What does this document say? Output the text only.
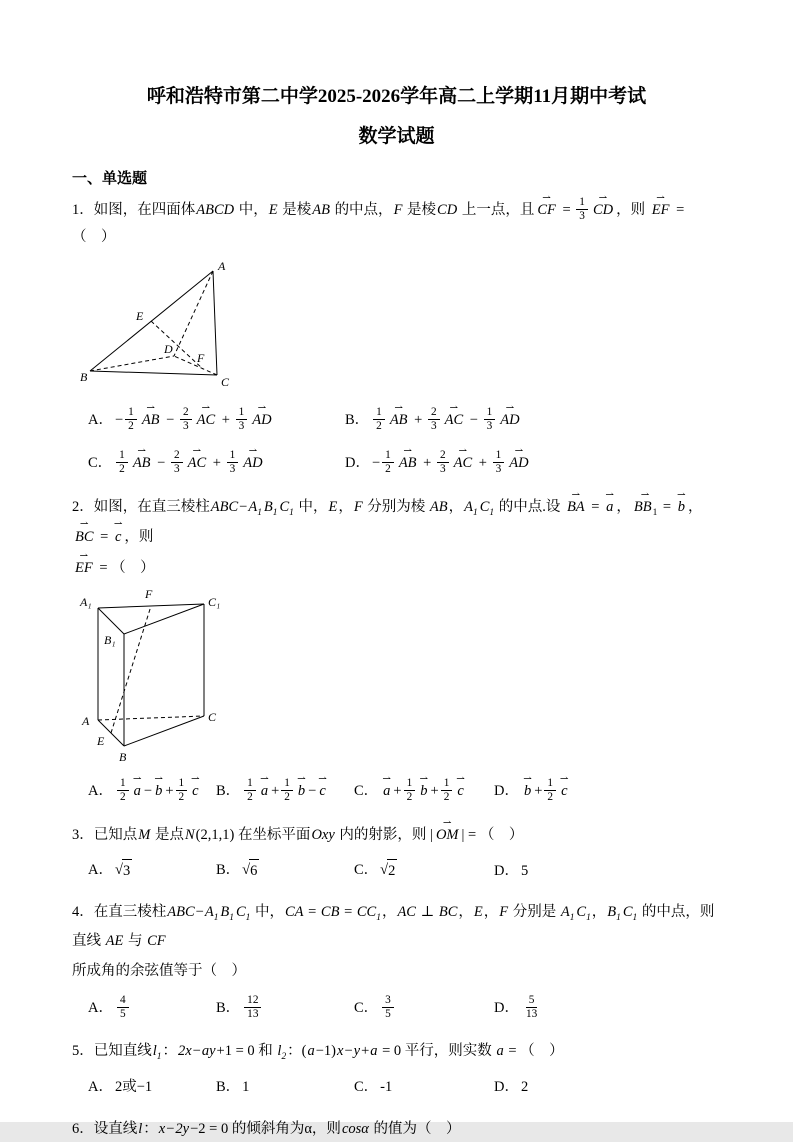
呼和浩特市第二中学2025-2026学年高二上学期11月期中考试
数学试题
一、单选题

1．如图，在四面体ABCD 中，E 是棱AB 的中点，F 是棱CD 上一点，且 ⇀ CF = $\frac{1}{3}$ ⇀ CD ，则 ⇀ EF = （　）

A
B	C
D
E
F
A． − $\frac{1}{2}$ ⇀ AB − $\frac{2}{3}$ ⇀ AC + $\frac{1}{3}$ ⇀ AD	B． $\frac{1}{2}$ ⇀ AB + $\frac{2}{3}$ ⇀ AC − $\frac{1}{3}$ ⇀ AD
C． $\frac{1}{2}$ ⇀ AB − $\frac{2}{3}$ ⇀ AC + $\frac{1}{3}$ ⇀ AD	D． − $\frac{1}{2}$ ⇀ AB + $\frac{2}{3}$ ⇀ AC + $\frac{1}{3}$ ⇀ AD

2．如图，在直三棱柱$ABC-A_1$ $B_1$ $C_1$ 中，E，F 分别为棱 AB，$A_1$ $C_1$ 的中点.设 ⇀ BA = ⇀ a ， ⇀ $BB_1$ = ⇀ b ，⇀ BC = ⇀ c ，则

⇀ EF = （　）

A₁	C₁
B₁
F
A	C
E
B
A． $\frac{1}{2}$ ⇀ a − ⇀ $b + \frac{1}{2}$ ⇀ c	B． $\frac{1}{2}$ ⇀ $a + \frac{1}{2}$ ⇀ b − ⇀ c	C． ⇀ $a + \frac{1}{2}$ ⇀ $b + \frac{1}{2}$ ⇀ c	D． ⇀ $b + \frac{1}{2}$ ⇀ c

3．已知点M 是点N(2,1,1) 在坐标平面Oxy 内的射影，则 | ⇀ OM | = （　）

A． √ 3	B． √ 6	C． √ 2	D． 5

4．在直三棱柱$ABC-A_1$ $B_1$ $C_1$ 中，CA = CB = $CC_1$，AC ⊥ BC，E，F 分别是 $A_1$ $C_1$，$B_1$ $C_1$ 的中点，则直线 AE 与 CF

所成角的余弦值等于（　）

A． $\frac{4}{5}$	B． $\frac{12}{13}$	C． $\frac{3}{5}$	D． $\frac{5}{13}$

5．已知直线$l_1$：2x−ay+1 = 0 和 $l_2$：(a−1)x−y+a = 0 平行，则实数 a = （　）

A． 2或−1	B． 1	C． -1	D． 2

6．设直线l：x−2y−2 = 0 的倾斜角为α，则cosα 的值为（　）
